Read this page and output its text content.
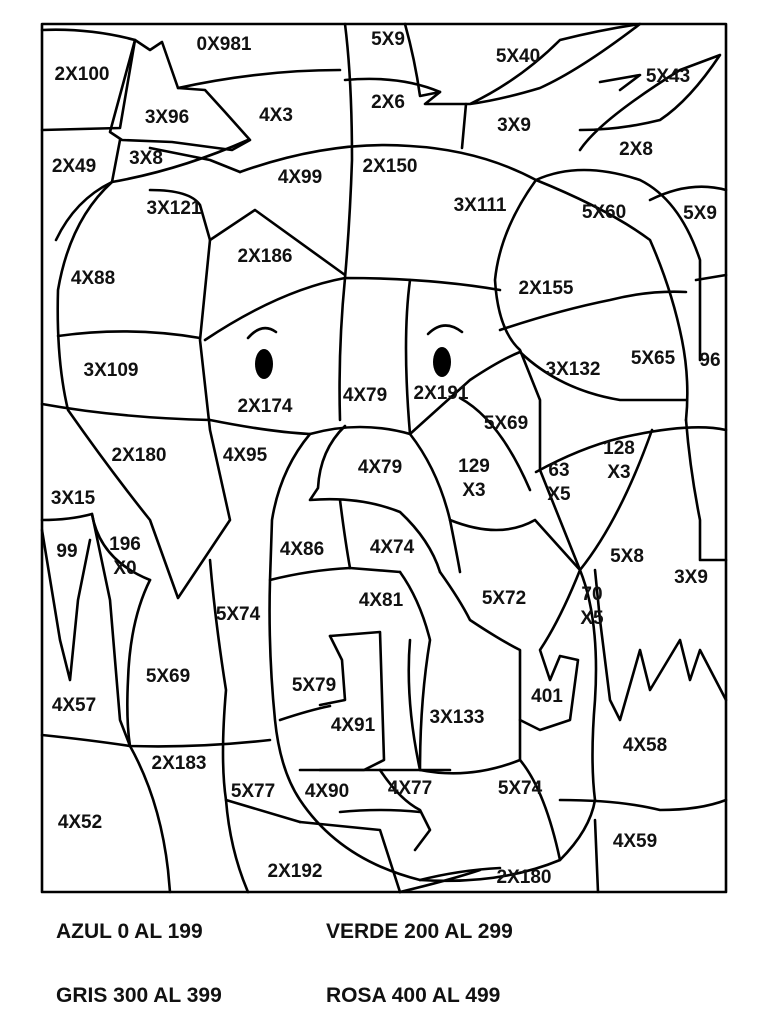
2X100
0X981	5X9
5X40
5X43
3X96	4X3
2X6
3X9
2X8
2X49 3X8
4X99
2X150
3X111	5X60	5X9
3X121
2X186
4X88	2X155
3X109	3X132
5X65 96
2X174
4X79 2X191
5X69
2X180	4X95
4X79	129
X3
63
X5
128
X3
3X15
99 196
X0
4X86 4X74	5X8
3X9
4X81	5X72	70
X5
5X74
5X69	5X79
401
4X57
4X91	3X133
4X58
2X183
5X77 4X90 4X77	5X74
4X52
4X59
2X192	2X180
AZUL 0 AL 199	VERDE 200 AL 299
GRIS 300 AL 399	ROSA 400 AL 499
